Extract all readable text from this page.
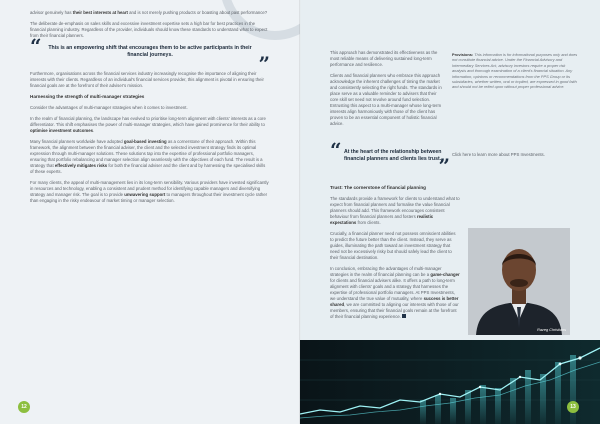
advisor genuinely has their best interests at heart and is not merely pushing products or boasting about past performance?

The deliberate de-emphasis on sales skills and excessive investment expertise sets a high bar for best practices in the financial planning industry. Regardless of the provider, individuals should know these standards to understand what to expect from their financial planners.

“ This is an empowering shift that encourages them to be active participants in their financial journeys.	”

Furthermore, organisations across the financial services industry increasingly recognise the importance of aligning their interests with their clients. Regardless of an individual's financial services provider, this alignment is pivotal in ensuring their financial goals are at the forefront of their adviser's mission.

Harnessing the strength of multi-manager strategies

Consider the advantages of multi-manager strategies when it comes to investment.

In the realm of financial planning, the landscape has evolved to prioritise long-term alignment with clients' interests as a core differentiator. This shift emphasises the power of multi-manager strategies, which have gained prominence for their ability to optimise investment outcomes.

Many financial planners worldwide have adopted goal-based investing as a cornerstone of their approach. Within this framework, the alignment between the financial adviser, the client and the selected investment strategy finds its optimal expression through multi-manager solutions. These solutions tap into the expertise of professional portfolio managers, ensuring that portfolio rebalancing and manager selection align seamlessly with the objectives of each fund. The result is a strategy that effectively mitigates risks for both the financial adviser and the client and by harnessing the specialised skills of these experts.

For many clients, the appeal of multi-management lies in its long-term sensibility. Various providers have invested significantly in resources and technology, enabling a consistent and prudent method for identifying capable managers and diversifying strategy and manager risk. The goal is to provide unwavering support to managers throughout their investment cycle rather than engaging in the risky endeavour of market timing or manager selection.

12

This approach has demonstrated its effectiveness as the most reliable means of delivering sustained long-term performance and resilience.

Clients and financial planners who embrace this approach acknowledge the inherent challenges of timing the market and consistently selecting the right funds. The standards in place serve as a valuable reminder to advisers that their core skill set need not revolve around fund selection. Entrusting this aspect to a multi-manager whose long-term interests align harmoniously with those of the client has proven to be an essential component of holistic financial advice.

“ At the heart of the relationship between financial planners and clients lies trust.
”
Trust: The cornerstone of financial planning

The standards provide a framework for clients to understand what to expect from financial planners and formalise the value financial planners should add. This framework encourages consistent behaviour from financial planners and fosters realistic expectations from clients.

Crucially, a financial planner need not possess omniscient abilities to predict the future better than the client. Instead, they serve as guides, illuminating the path toward an investment strategy that need not be excessively risky but should safely lead the client to their financial destination.

In conclusion, embracing the advantages of multi-manager strategies in the realm of financial planning can be a game-changer for clients and financial advisers alike. It offers a path to long-term alignment with clients' goals and a strategy that harnesses the expertise of professional portfolio managers. At PPS Investments, we understand the true value of mutuality, where success is better shared, we are committed to aligning our interests with those of our members, ensuring that their financial goals remain at the forefront of their financial planning experience.

Provisions: This information is for informational purposes only and does not constitute financial advice. Under the Financial Advisory and Intermediary Services Act, advisory investors require a proper risk analysis and thorough examination of a client's financial situation. Any information, opinions or recommendations from the PPS Group or its subsidiaries, whether written, oral or implied, are expressed in good faith and should not be relied upon without proper professional advice.
Click here to learn more about PPS Investments.
Razeg Christians
13
